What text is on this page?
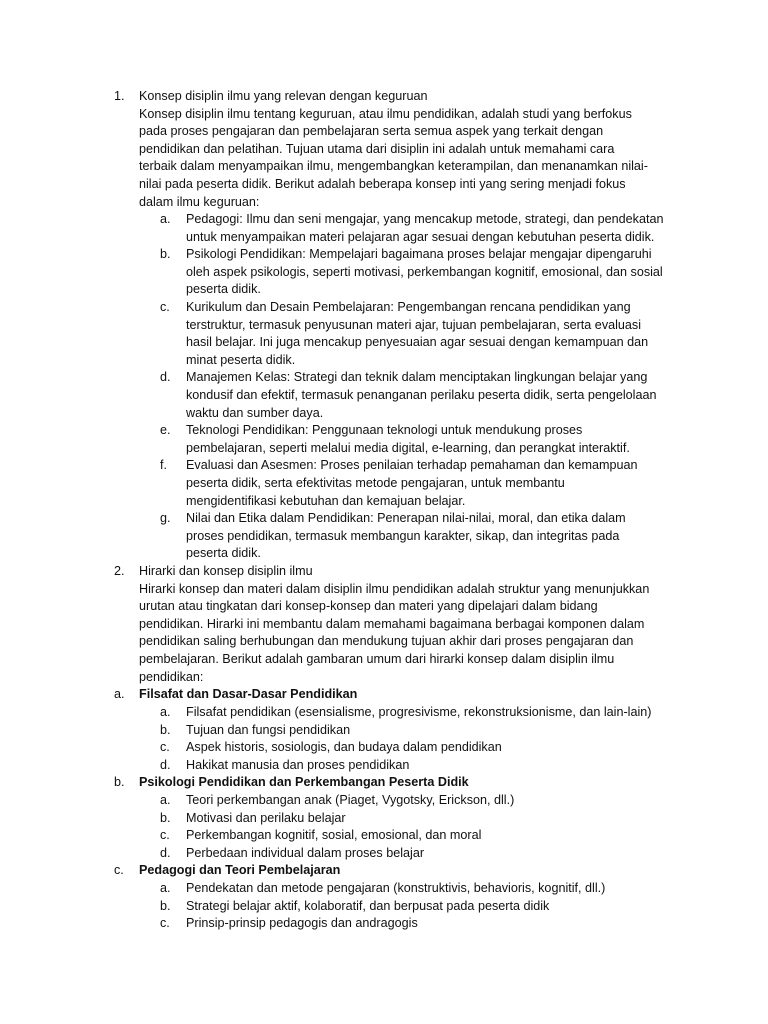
1. Konsep disiplin ilmu yang relevan dengan keguruan
Konsep disiplin ilmu tentang keguruan, atau ilmu pendidikan, adalah studi yang berfokus
pada proses pengajaran dan pembelajaran serta semua aspek yang terkait dengan
pendidikan dan pelatihan. Tujuan utama dari disiplin ini adalah untuk memahami cara
terbaik dalam menyampaikan ilmu, mengembangkan keterampilan, dan menanamkan nilai-
nilai pada peserta didik. Berikut adalah beberapa konsep inti yang sering menjadi fokus
dalam ilmu keguruan:
a. Pedagogi: Ilmu dan seni mengajar, yang mencakup metode, strategi, dan pendekatan
untuk menyampaikan materi pelajaran agar sesuai dengan kebutuhan peserta didik.
b. Psikologi Pendidikan: Mempelajari bagaimana proses belajar mengajar dipengaruhi
oleh aspek psikologis, seperti motivasi, perkembangan kognitif, emosional, dan sosial
peserta didik.
c. Kurikulum dan Desain Pembelajaran: Pengembangan rencana pendidikan yang
terstruktur, termasuk penyusunan materi ajar, tujuan pembelajaran, serta evaluasi
hasil belajar. Ini juga mencakup penyesuaian agar sesuai dengan kemampuan dan
minat peserta didik.
d. Manajemen Kelas: Strategi dan teknik dalam menciptakan lingkungan belajar yang
kondusif dan efektif, termasuk penanganan perilaku peserta didik, serta pengelolaan
waktu dan sumber daya.
e. Teknologi Pendidikan: Penggunaan teknologi untuk mendukung proses
pembelajaran, seperti melalui media digital, e-learning, dan perangkat interaktif.
f. Evaluasi dan Asesmen: Proses penilaian terhadap pemahaman dan kemampuan
peserta didik, serta efektivitas metode pengajaran, untuk membantu
mengidentifikasi kebutuhan dan kemajuan belajar.
g. Nilai dan Etika dalam Pendidikan: Penerapan nilai-nilai, moral, dan etika dalam
proses pendidikan, termasuk membangun karakter, sikap, dan integritas pada
peserta didik.
2. Hirarki dan konsep disiplin ilmu
Hirarki konsep dan materi dalam disiplin ilmu pendidikan adalah struktur yang menunjukkan
urutan atau tingkatan dari konsep-konsep dan materi yang dipelajari dalam bidang
pendidikan. Hirarki ini membantu dalam memahami bagaimana berbagai komponen dalam
pendidikan saling berhubungan dan mendukung tujuan akhir dari proses pengajaran dan
pembelajaran. Berikut adalah gambaran umum dari hirarki konsep dalam disiplin ilmu
pendidikan:
a. Filsafat dan Dasar-Dasar Pendidikan
a. Filsafat pendidikan (esensialisme, progresivisme, rekonstruksionisme, dan lain-lain)
b. Tujuan dan fungsi pendidikan
c. Aspek historis, sosiologis, dan budaya dalam pendidikan
d. Hakikat manusia dan proses pendidikan
b. Psikologi Pendidikan dan Perkembangan Peserta Didik
a. Teori perkembangan anak (Piaget, Vygotsky, Erickson, dll.)
b. Motivasi dan perilaku belajar
c. Perkembangan kognitif, sosial, emosional, dan moral
d. Perbedaan individual dalam proses belajar
c. Pedagogi dan Teori Pembelajaran
a. Pendekatan dan metode pengajaran (konstruktivis, behavioris, kognitif, dll.)
b. Strategi belajar aktif, kolaboratif, dan berpusat pada peserta didik
c. Prinsip-prinsip pedagogis dan andragogis
